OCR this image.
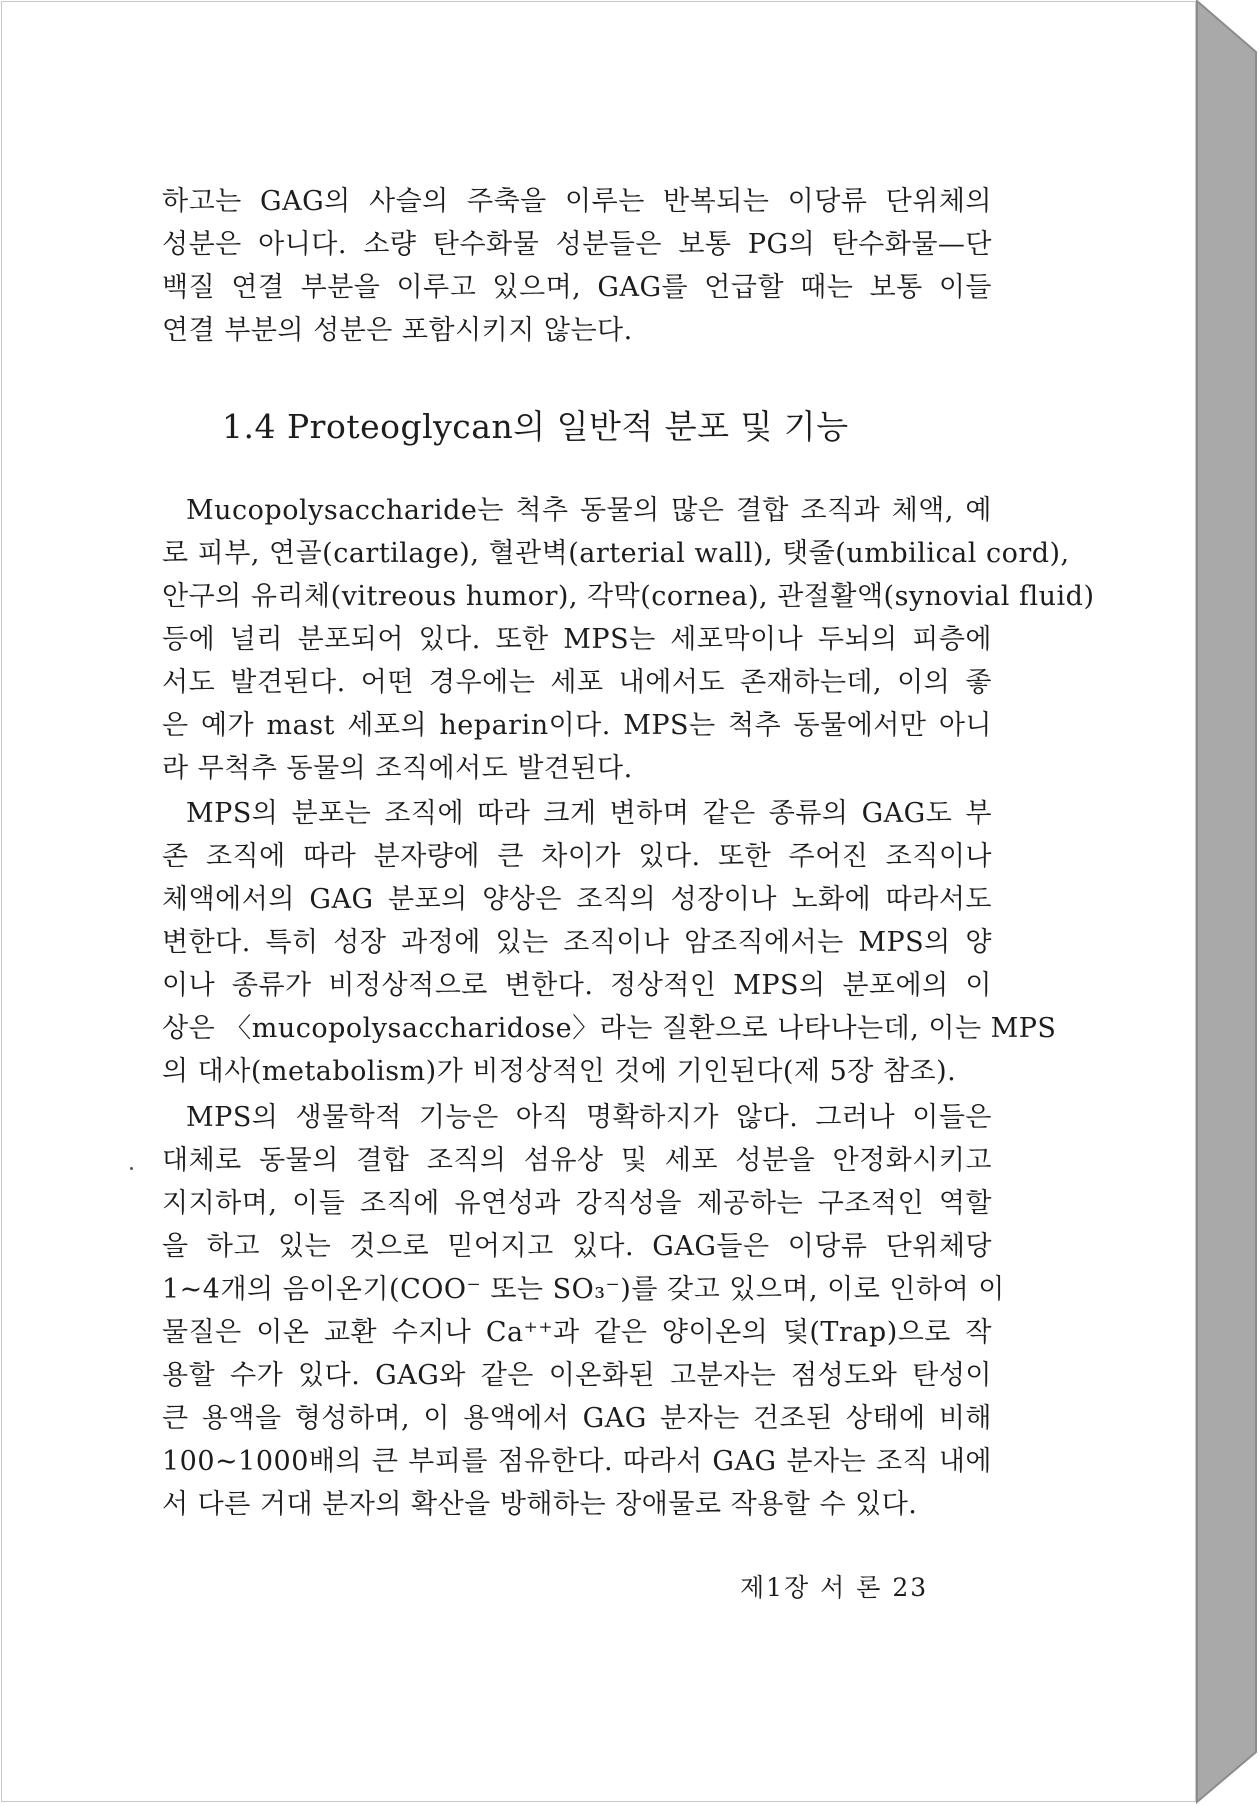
하고는 GAG의 사슬의 주축을 이루는 반복되는 이당류 단위체의
성분은 아니다. 소량 탄수화물 성분들은 보통 PG의 탄수화물—단
백질 연결 부분을 이루고 있으며, GAG를 언급할 때는 보통 이들
연결 부분의 성분은 포함시키지 않는다.
1.4 Proteoglycan의 일반적 분포 및 기능
Mucopolysaccharide는 척추 동물의 많은 결합 조직과 체액, 예
로 피부, 연골(cartilage), 혈관벽(arterial wall), 탯줄(umbilical cord),
안구의 유리체(vitreous humor), 각막(cornea), 관절활액(synovial fluid)
등에 널리 분포되어 있다. 또한 MPS는 세포막이나 두뇌의 피층에
서도 발견된다. 어떤 경우에는 세포 내에서도 존재하는데, 이의 좋
은 예가 mast 세포의 heparin이다. MPS는 척추 동물에서만 아니
라 무척추 동물의 조직에서도 발견된다.
MPS의 분포는 조직에 따라 크게 변하며 같은 종류의 GAG도 부
존 조직에 따라 분자량에 큰 차이가 있다. 또한 주어진 조직이나
체액에서의 GAG 분포의 양상은 조직의 성장이나 노화에 따라서도
변한다. 특히 성장 과정에 있는 조직이나 암조직에서는 MPS의 양
이나 종류가 비정상적으로 변한다. 정상적인 MPS의 분포에의 이
상은 〈mucopolysaccharidose〉라는 질환으로 나타나는데, 이는 MPS
의 대사(metabolism)가 비정상적인 것에 기인된다(제 5장 참조).
MPS의 생물학적 기능은 아직 명확하지가 않다. 그러나 이들은
대체로 동물의 결합 조직의 섬유상 및 세포 성분을 안정화시키고
지지하며, 이들 조직에 유연성과 강직성을 제공하는 구조적인 역할
을 하고 있는 것으로 믿어지고 있다. GAG들은 이당류 단위체당
1~4개의 음이온기(COO⁻ 또는 SO₃⁻)를 갖고 있으며, 이로 인하여 이
물질은 이온 교환 수지나 Ca⁺⁺과 같은 양이온의 덫(Trap)으로 작
용할 수가 있다. GAG와 같은 이온화된 고분자는 점성도와 탄성이
큰 용액을 형성하며, 이 용액에서 GAG 분자는 건조된 상태에 비해
100~1000배의 큰 부피를 점유한다. 따라서 GAG 분자는 조직 내에
서 다른 거대 분자의 확산을 방해하는 장애물로 작용할 수 있다.
제1장 서 론 23
